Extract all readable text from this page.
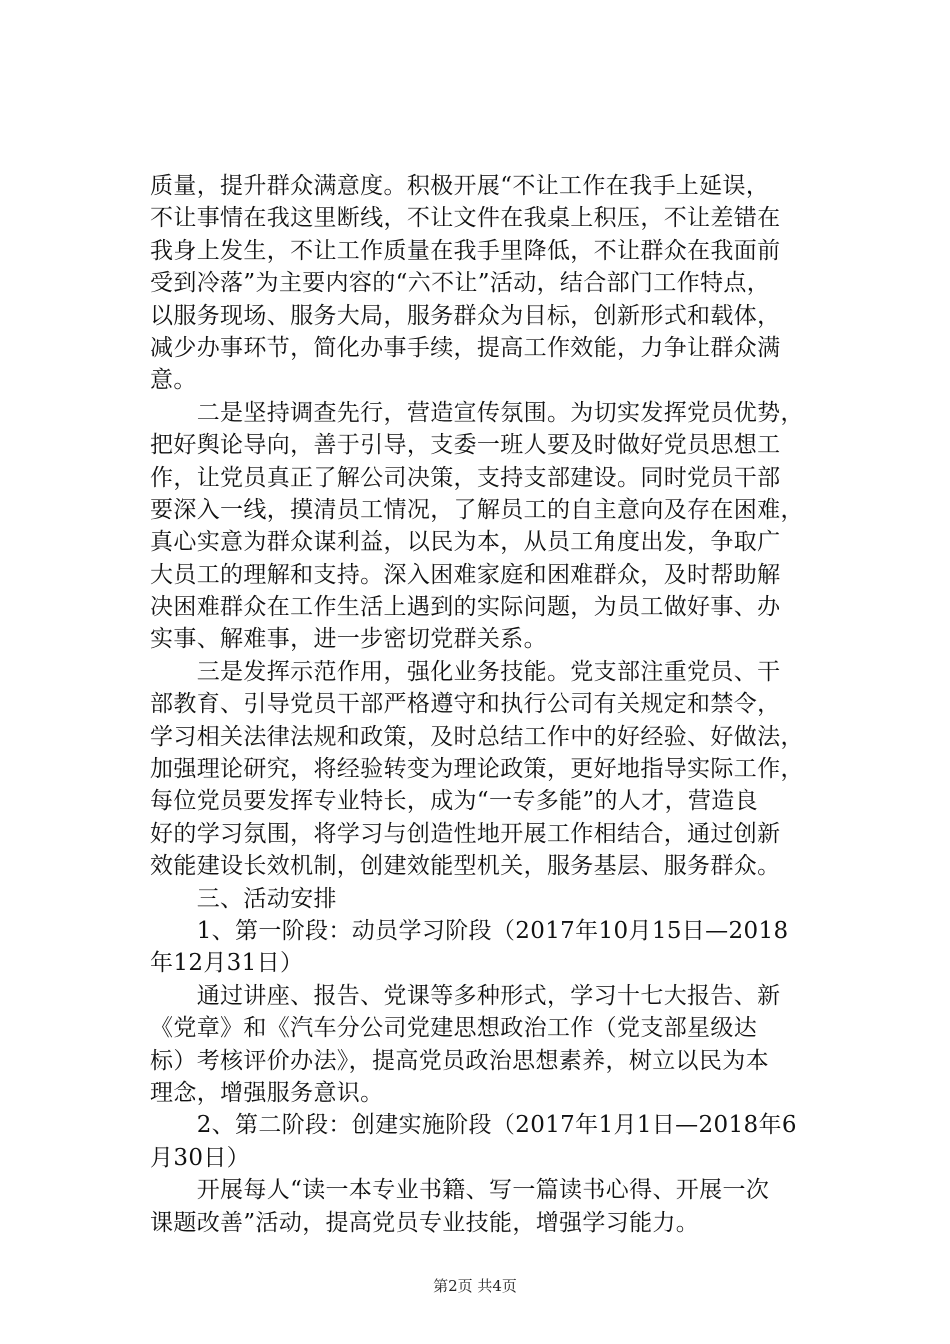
质量，提升群众满意度。积极开展“不让工作在我手上延误，
不让事情在我这里断线，不让文件在我桌上积压，不让差错在
我身上发生，不让工作质量在我手里降低，不让群众在我面前
受到冷落”为主要内容的“六不让”活动，结合部门工作特点，
以服务现场、服务大局，服务群众为目标，创新形式和载体，
减少办事环节，简化办事手续，提高工作效能，力争让群众满
意。
　　二是坚持调查先行，营造宣传氛围。为切实发挥党员优势，
把好舆论导向，善于引导，支委一班人要及时做好党员思想工
作，让党员真正了解公司决策，支持支部建设。同时党员干部
要深入一线，摸清员工情况，了解员工的自主意向及存在困难，
真心实意为群众谋利益，以民为本，从员工角度出发，争取广
大员工的理解和支持。深入困难家庭和困难群众，及时帮助解
决困难群众在工作生活上遇到的实际问题，为员工做好事、办
实事、解难事，进一步密切党群关系。
　　三是发挥示范作用，强化业务技能。党支部注重党员、干
部教育、引导党员干部严格遵守和执行公司有关规定和禁令，
学习相关法律法规和政策，及时总结工作中的好经验、好做法，
加强理论研究，将经验转变为理论政策，更好地指导实际工作，
每位党员要发挥专业特长，成为“一专多能”的人才，营造良
好的学习氛围，将学习与创造性地开展工作相结合，通过创新
效能建设长效机制，创建效能型机关，服务基层、服务群众。
　　三、活动安排
　　1、第一阶段：动员学习阶段（2017年10月15日—2018
年12月31日）
　　通过讲座、报告、党课等多种形式，学习十七大报告、新
《党章》和《汽车分公司党建思想政治工作（党支部星级达
标）考核评价办法》，提高党员政治思想素养，树立以民为本
理念，增强服务意识。
　　2、第二阶段：创建实施阶段（2017年1月1日—2018年6
月30日）
　　开展每人“读一本专业书籍、写一篇读书心得、开展一次
课题改善”活动，提高党员专业技能，增强学习能力。
第2页 共4页
